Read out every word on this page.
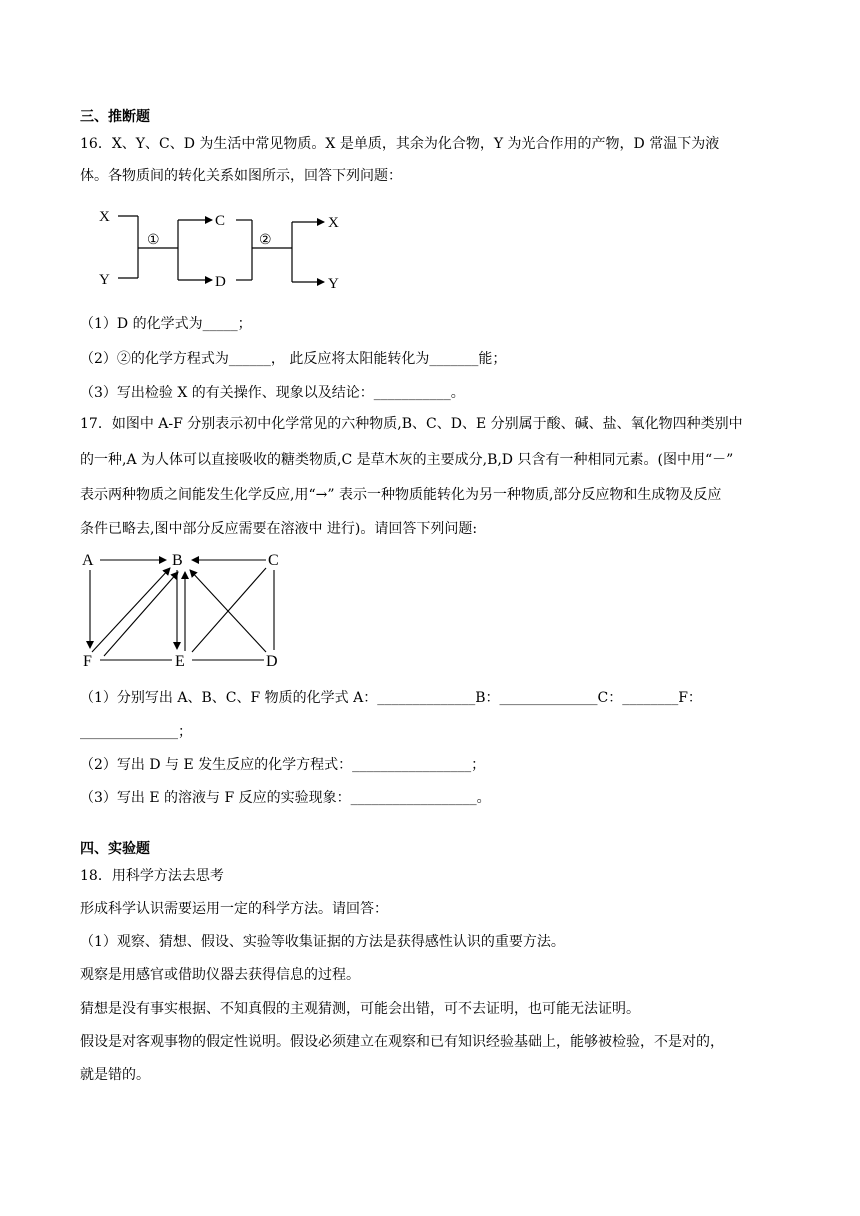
三、推断题
16．X、Y、C、D 为生活中常见物质。X 是单质，其余为化合物，Y 为光合作用的产物，D 常温下为液
体。各物质间的转化关系如图所示，回答下列问题：
X
Y
C
D
X
Y
①	②
（1）D 的化学式为_____；
（2）②的化学方程式为______， 此反应将太阳能转化为_______能；
（3）写出检验 X 的有关操作、现象以及结论：___________。
17．如图中 A-F 分别表示初中化学常见的六种物质,B、C、D、E 分别属于酸、碱、盐、氧化物四种类别中
的一种,A 为人体可以直接吸收的糖类物质,C 是草木灰的主要成分,B,D 只含有一种相同元素。(图中用“－”
表示两种物质之间能发生化学反应,用“→” 表示一种物质能转化为另一种物质,部分反应物和生成物及反应
条件已略去,图中部分反应需要在溶液中 进行)。请回答下列问题:
A	B	C
F	E	D
（1）分别写出 A、B、C、F 物质的化学式 A：______________B：______________C：________F：
______________；
（2）写出 D 与 E 发生反应的化学方程式：_________________；
（3）写出 E 的溶液与 F 反应的实验现象：__________________。
四、实验题
18．用科学方法去思考
形成科学认识需要运用一定的科学方法。请回答：
（1）观察、猜想、假设、实验等收集证据的方法是获得感性认识的重要方法。
观察是用感官或借助仪器去获得信息的过程。
猜想是没有事实根据、不知真假的主观猜测，可能会出错，可不去证明，也可能无法证明。
假设是对客观事物的假定性说明。假设必须建立在观察和已有知识经验基础上，能够被检验，不是对的，
就是错的。
